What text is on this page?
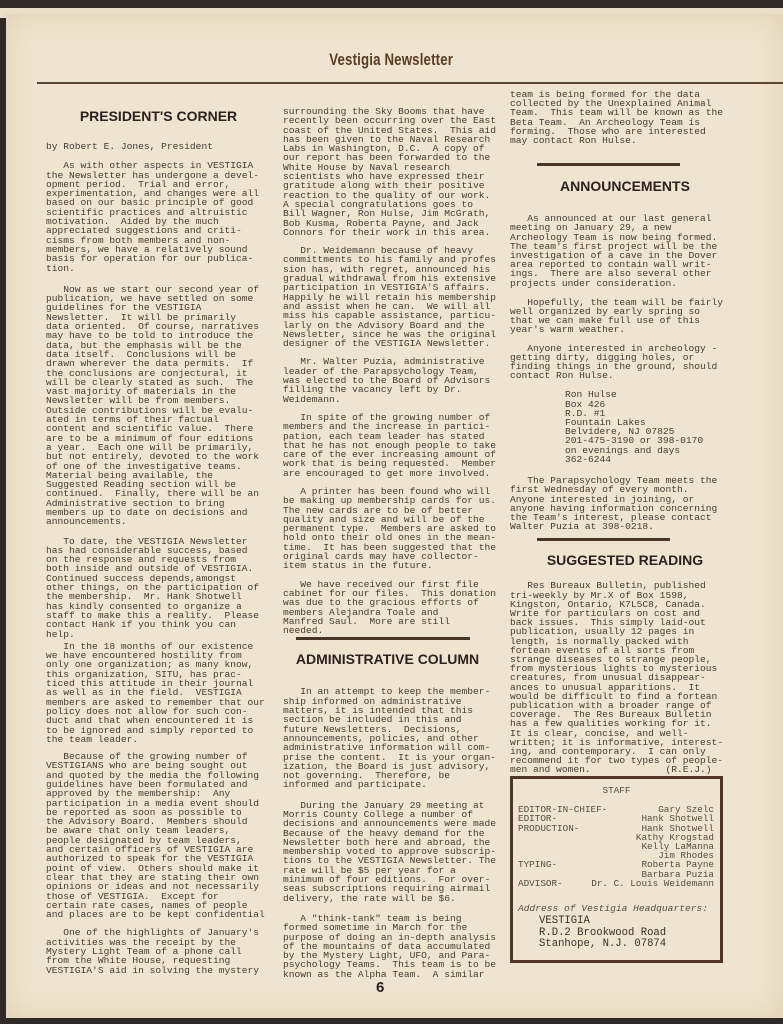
Vestigia Newsletter
PRESIDENT'S CORNER
by Robert E. Jones, President
As with other aspects in VESTIGIA
the Newsletter has undergone a devel-
opment period.  Trial and error,
experimentation, and changes were all
based on our basic principle of good
scientific practices and altruistic
motivation.  Aided by the much
appreciated suggestions and criti-
cisms from both members and non-
members, we have a relatively sound
basis for operation for our publica-
tion.
Now as we start our second year of
publication, we have settled on some
guidelines for the VESTIGIA
Newsletter.  It will be primarily
data oriented.  Of course, narratives
may have to be told to introduce the
data, but the emphasis will be the
data itself.  Conclusions will be
drawn wherever the data permits.  If
the conclusions are conjectural, it
will be clearly stated as such.  The
vast majority of materials in the
Newsletter will be from members.
Outside contributions will be evalu-
ated in terms of their factual
content and scientific value.  There
are to be a minimum of four editions
a year.  Each one will be primarily,
but not entirely, devoted to the work
of one of the investigative teams.
Material being available, the
Suggested Reading section will be
continued.  Finally, there will be an
Administrative section to bring
members up to date on decisions and
announcements.
To date, the VESTIGIA Newsletter
has had considerable success, based
on the response and requests from
both inside and outside of VESTIGIA.
Continued success depends,amongst
other things, on the participation of
the membership.  Mr. Hank Shotwell
has kindly consented to organize a
staff to make this a reality.  Please
contact Hank if you think you can
help.
In the 18 months of our existence
we have encountered hostility from
only one organization; as many know,
this organization, SITU, has prac-
ticed this attitude in their journal
as well as in the field.  VESTIGIA
members are asked to remember that our
policy does not allow for such con-
duct and that when encountered it is
to be ignored and simply reported to
the team leader.
Because of the growing number of
VESTIGIANS who are being sought out
and quoted by the media the following
guidelines have been formulated and
approved by the membership:  Any
participation in a media event should
be reported as soon as possible to
the Advisory Board.  Members should
be aware that only team leaders,
people designated by team leaders,
and certain officers of VESTIGIA are
authorized to speak for the VESTIGIA
point of view.  Others should make it
clear that they are stating their own
opinions or ideas and not necessarily
those of VESTIGIA.  Except for
certain rate cases, names of people
and places are to be kept confidential
One of the highlights of January's
activities was the receipt by the
Mystery Light Team of a phone call
from the White House, requesting
VESTIGIA'S aid in solving the mystery
surrounding the Sky Booms that have
recently been occurring over the East
coast of the United States.  This aid
has been given to the Naval Research
Labs in Washington, D.C.  A copy of
our report has been forwarded to the
White House by Naval research
scientists who have expressed their
gratitude along with their positive
reaction to the quality of our work.
A special congratulations goes to
Bill Wagner, Ron Hulse, Jim McGrath,
Bob Kusma, Roberta Payne, and Jack
Connors for their work in this area.
Dr. Weidemann because of heavy
committments to his family and profes
sion has, with regret, announced his
gradual withdrawal from his extensive
participation in VESTIGIA'S affairs.
Happily he will retain his membership
and assist when he can.  We will all
miss his capable assistance, particu-
larly on the Advisory Board and the
Newsletter, since he was the original
designer of the VESTIGIA Newsletter.
Mr. Walter Puzia, administrative
leader of the Parapsychology Team,
was elected to the Board of Advisors
filling the vacancy left by Dr.
Weidemann.
In spite of the growing number of
members and the increase in partici-
pation, each team leader has stated
that he has not enough people to take
care of the ever increasing amount of
work that is being requested.  Member
are encouraged to get more involved.
A printer has been found who will
be making up membership cards for us.
The new cards are to be of better
quality and size and will be of the
permanent type.  Members are asked to
hold onto their old ones in the mean-
time.  It has been suggested that the
original cards may have collector-
item status in the future.
We have received our first file
cabinet for our files.  This donation
was due to the gracious efforts of
members Alejandra Toale and
Manfred Saul.  More are still
needed.
ADMINISTRATIVE COLUMN
In an attempt to keep the member-
ship informed on administrative
matters, it is intended that this
section be included in this and
future Newsletters.  Decisions,
announcements, policies, and other
administrative information will com-
prise the content.  It is your organ-
ization, the Board is just advisory,
not governing.  Therefore, be
informed and participate.
During the January 29 meeting at
Morris County College a number of
decisions and announcements were made
Because of the heavy demand for the
Newsletter both here and abroad, the
membership voted to approve subscrip-
tions to the VESTIGIA Newsletter. The
rate will be $5 per year for a
minimum of four editions.  For over-
seas subscriptions requiring airmail
delivery, the rate will be $6.
A "think-tank" team is being
formed sometime in March for the
purpose of doing an in-depth analysis
of the mountains of data accumulated
by the Mystery Light, UFO, and Para-
psychology Teams.  This team is to be
known as the Alpha Team.  A similar
team is being formed for the data
collected by the Unexplained Animal
Team.  This team will be known as the
Beta Team.  An Archeology Team is
forming.  Those who are interested
may contact Ron Hulse.
ANNOUNCEMENTS
As announced at our last general
meeting on January 29, a new
Archeology Team is now being formed.
The team's first project will be the
investigation of a cave in the Dover
area reported to contain wall writ-
ings.  There are also several other
projects under consideration.
Hopefully, the team will be fairly
well organized by early spring so
that we can make full use of this
year's warm weather.
Anyone interested in archeology -
getting dirty, digging holes, or
finding things in the ground, should
contact Ron Hulse.
Ron Hulse
Box 426
R.D. #1
Fountain Lakes
Belvidere, NJ 07825
201-475-3190 or 398-0170
on evenings and days
362-6244
The Parapsychology Team meets the
first Wednesday of every month.
Anyone interested in joining, or
anyone having information concerning
the Team's interest, please contact
Walter Puzia at 398-0218.
SUGGESTED READING
Res Bureaux Bulletin, published
tri-weekly by Mr.X of Box 1598,
Kingston, Ontario, K7L5C8, Canada.
Write for particulars on cost and
back issues.  This simply laid-out
publication, usually 12 pages in
length, is normally packed with
fortean events of all sorts from
strange diseases to strange people,
from mysterious lights to mysterious
creatures, from unusual disappear-
ances to unusual apparitions.  It
would be difficult to find a fortean
publication with a broader range of
coverage.  The Res Bureaux Bulletin
has a few qualities working for it.
It is clear, concise, and well-
written; it is informative, interest-
ing, and contemporary.  I can only
recommend it for two types of people-
men and women.             (R.E.J.)
STAFF
EDITOR-IN-CHIEF-	Gary Szelc
EDITOR-	Hank Shotwell
PRODUCTION-	Hank Shotwell
Kathy Krogstad
Kelly LaManna
Jim Rhodes
TYPING-	Roberta Payne
Barbara Puzia
ADVISOR-	Dr. C. Louis Weidemann
Address of Vestigia Headquarters:
VESTIGIA
R.D.2 Brookwood Road
Stanhope, N.J. 07874
6
